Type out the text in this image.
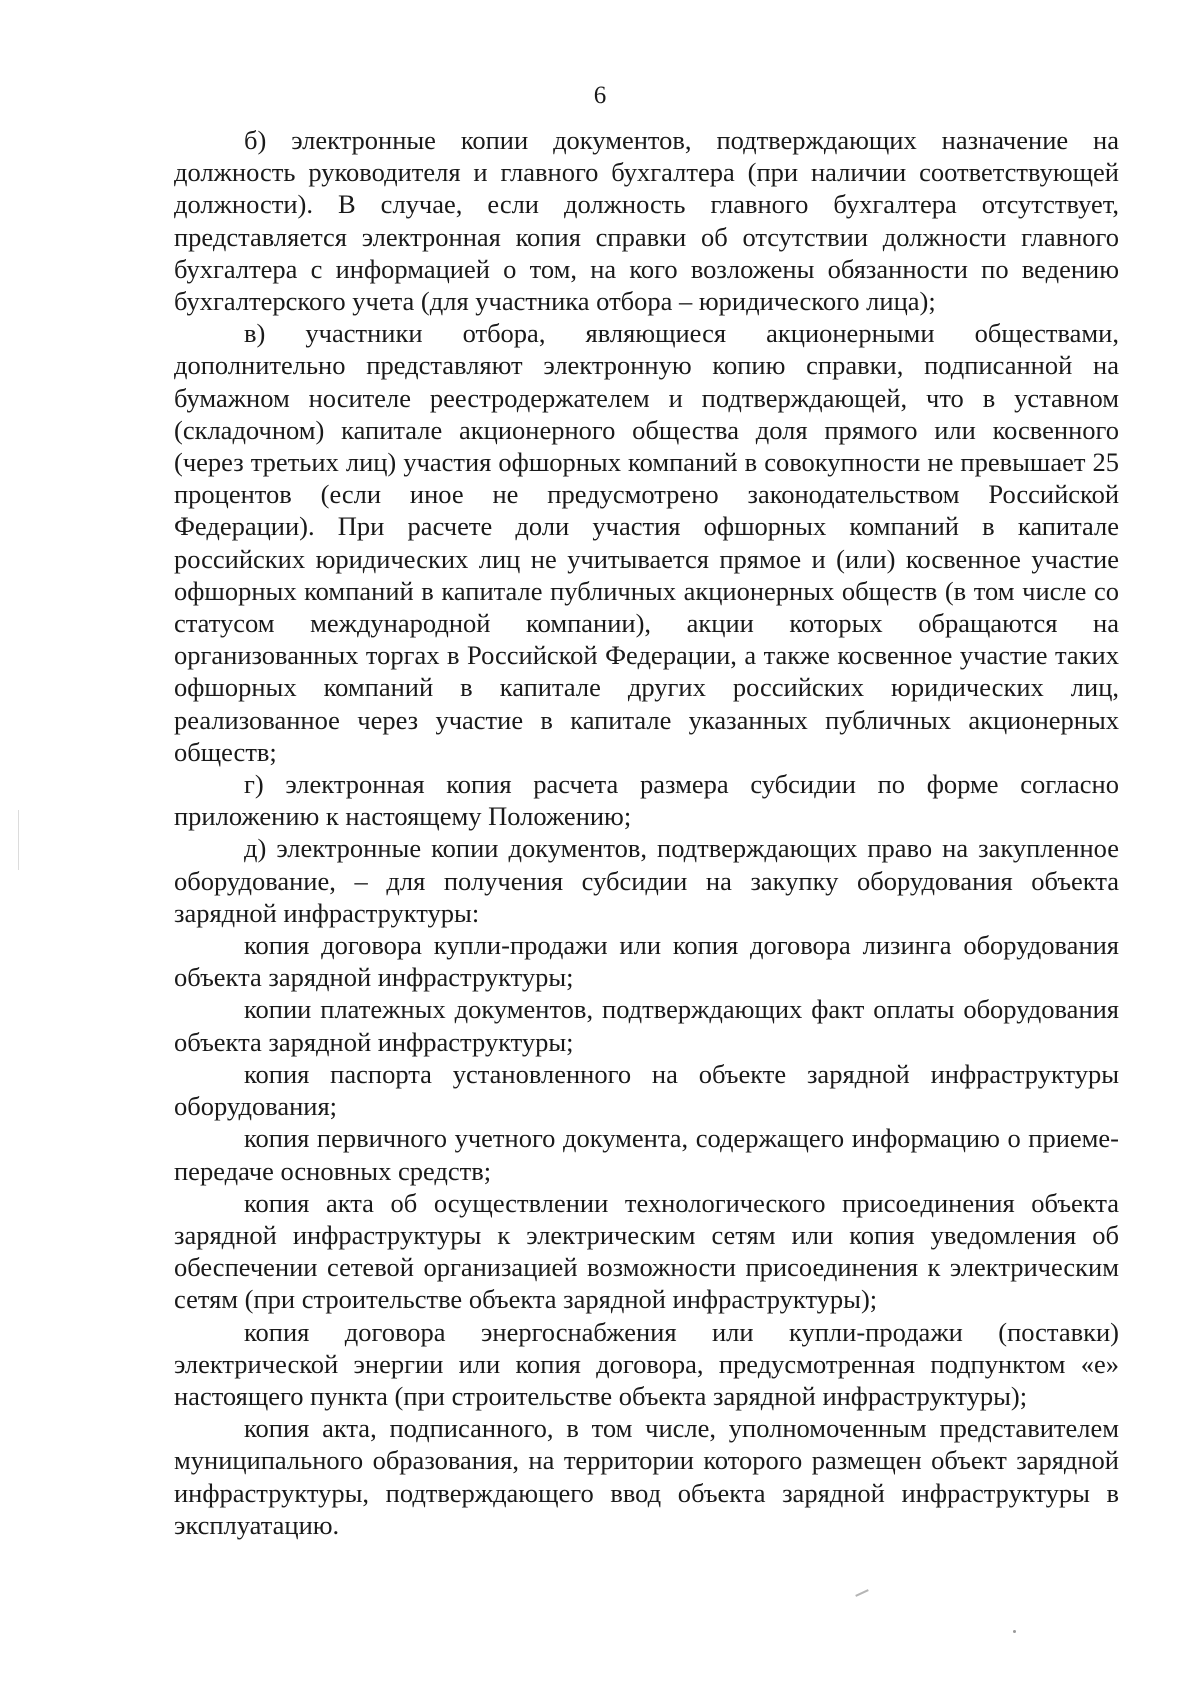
6

б) электронные копии документов, подтверждающих назначение на должность руководителя и главного бухгалтера (при наличии соответствующей должности). В случае, если должность главного бухгалтера отсутствует, представляется электронная копия справки об отсутствии должности главного бухгалтера с информацией о том, на кого возложены обязанности по ведению бухгалтерского учета (для участника отбора – юридического лица);

в) участники отбора, являющиеся акционерными обществами, дополнительно представляют электронную копию справки, подписанной на бумажном носителе реестродержателем и подтверждающей, что в уставном (складочном) капитале акционерного общества доля прямого или косвенного (через третьих лиц) участия офшорных компаний в совокупности не превышает 25 процентов (если иное не предусмотрено законодательством Российской Федерации). При расчете доли участия офшорных компаний в капитале российских юридических лиц не учитывается прямое и (или) косвенное участие офшорных компаний в капитале публичных акционерных обществ (в том числе со статусом международной компании), акции которых обращаются на организованных торгах в Российской Федерации, а также косвенное участие таких офшорных компаний в капитале других российских юридических лиц, реализованное через участие в капитале указанных публичных акционерных обществ;

г) электронная копия расчета размера субсидии по форме согласно приложению к настоящему Положению;

д) электронные копии документов, подтверждающих право на закупленное оборудование, – для получения субсидии на закупку оборудования объекта зарядной инфраструктуры:

копия договора купли-продажи или копия договора лизинга оборудования объекта зарядной инфраструктуры;

копии платежных документов, подтверждающих факт оплаты оборудования объекта зарядной инфраструктуры;

копия паспорта установленного на объекте зарядной инфраструктуры оборудования;

копия первичного учетного документа, содержащего информацию о приеме-передаче основных средств;

копия акта об осуществлении технологического присоединения объекта зарядной инфраструктуры к электрическим сетям или копия уведомления об обеспечении сетевой организацией возможности присоединения к электрическим сетям (при строительстве объекта зарядной инфраструктуры);

копия договора энергоснабжения или купли-продажи (поставки) электрической энергии или копия договора, предусмотренная подпунктом «е» настоящего пункта (при строительстве объекта зарядной инфраструктуры);

копия акта, подписанного, в том числе, уполномоченным представителем муниципального образования, на территории которого размещен объект зарядной инфраструктуры, подтверждающего ввод объекта зарядной инфраструктуры в эксплуатацию.
